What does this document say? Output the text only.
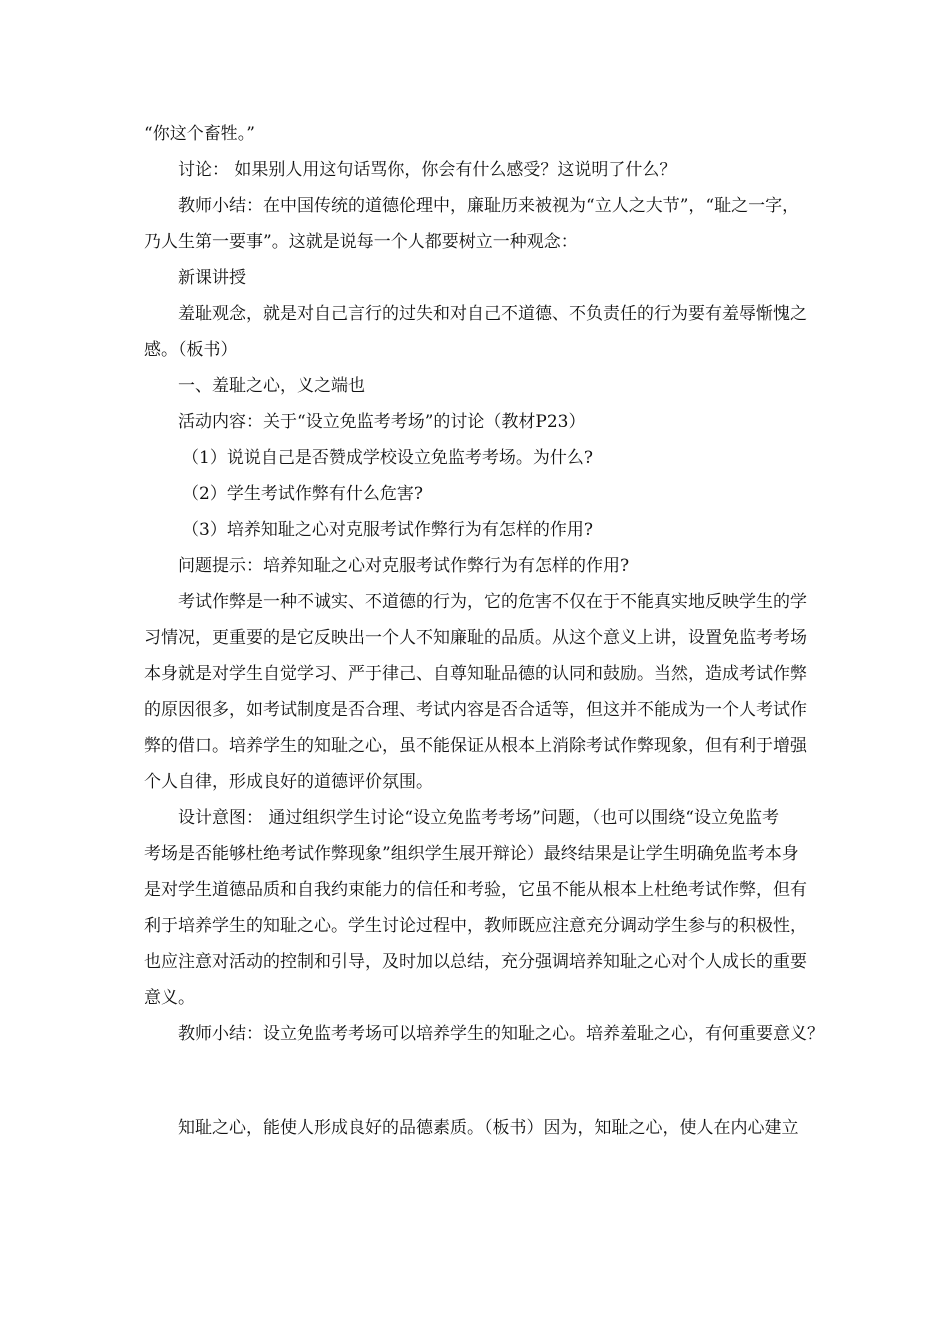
“你这个畜牲。”
讨论： 如果别人用这句话骂你，你会有什么感受？这说明了什么？
教师小结：在中国传统的道德伦理中，廉耻历来被视为“立人之大节”，“耻之一字，
乃人生第一要事”。这就是说每一个人都要树立一种观念：
新课讲授
羞耻观念，就是对自己言行的过失和对自己不道德、不负责任的行为要有羞辱惭愧之
感。（板书）
一、羞耻之心，义之端也
活动内容：关于“设立免监考考场”的讨论（教材P23）
（1）说说自己是否赞成学校设立免监考考场。为什么?
（2）学生考试作弊有什么危害?
（3）培养知耻之心对克服考试作弊行为有怎样的作用?
问题提示：培养知耻之心对克服考试作弊行为有怎样的作用?
考试作弊是一种不诚实、不道德的行为，它的危害不仅在于不能真实地反映学生的学
习情况，更重要的是它反映出一个人不知廉耻的品质。从这个意义上讲，设置免监考考场
本身就是对学生自觉学习、严于律己、自尊知耻品德的认同和鼓励。当然，造成考试作弊
的原因很多，如考试制度是否合理、考试内容是否合适等，但这并不能成为一个人考试作
弊的借口。培养学生的知耻之心，虽不能保证从根本上消除考试作弊现象，但有利于增强
个人自律，形成良好的道德评价氛围。
设计意图： 通过组织学生讨论“设立免监考考场”问题，（也可以围绕“设立免监考
考场是否能够杜绝考试作弊现象”组织学生展开辩论）最终结果是让学生明确免监考本身
是对学生道德品质和自我约束能力的信任和考验，它虽不能从根本上杜绝考试作弊，但有
利于培养学生的知耻之心。学生讨论过程中，教师既应注意充分调动学生参与的积极性，
也应注意对活动的控制和引导，及时加以总结，充分强调培养知耻之心对个人成长的重要
意义。
教师小结：设立免监考考场可以培养学生的知耻之心。培养羞耻之心，有何重要意义？
知耻之心，能使人形成良好的品德素质。（板书）因为，知耻之心，使人在内心建立
